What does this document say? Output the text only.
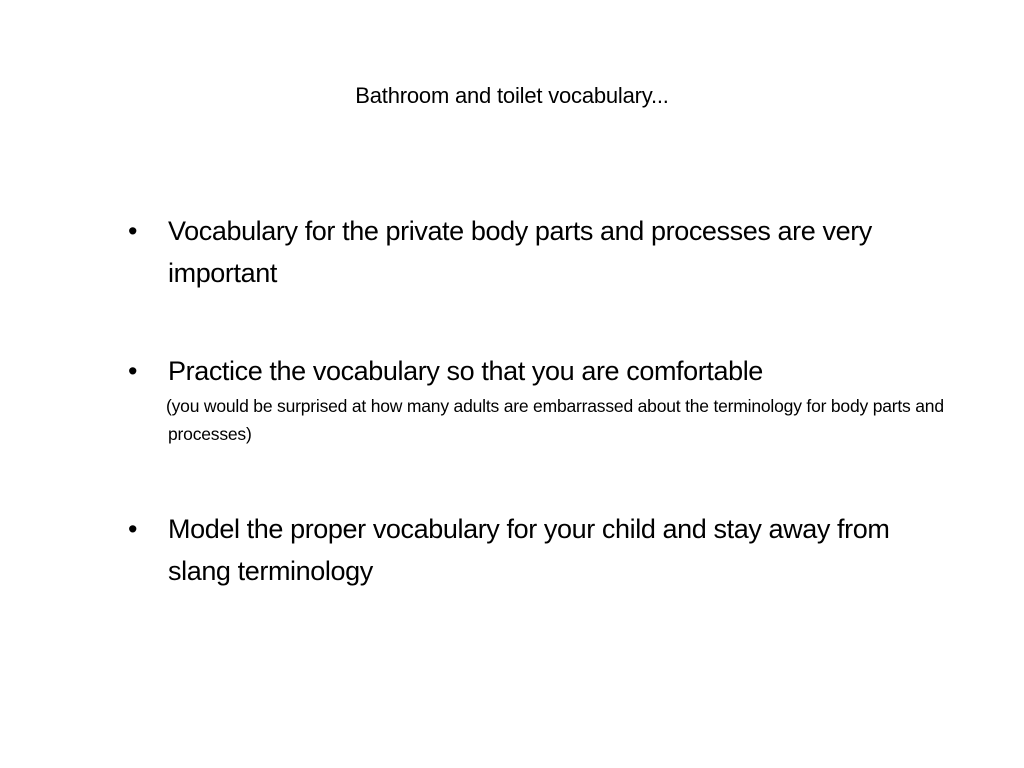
Bathroom and toilet vocabulary...
•	Vocabulary for the private body parts and processes are very important
•	Practice the vocabulary so that you are comfortable
(you would be surprised at how many adults are embarrassed about the terminology for body parts and processes)
•	Model the proper vocabulary for your child and stay away from slang terminology
